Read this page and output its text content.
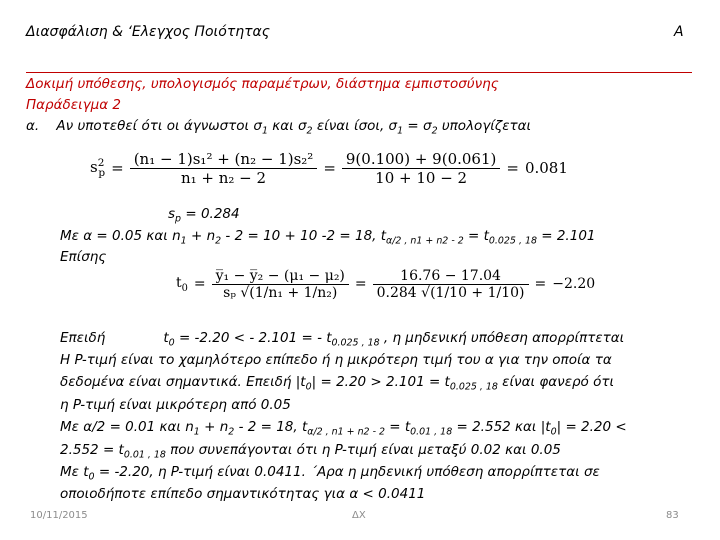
Διασφάλιση & ‘Ελεγχος Ποιότητας	A
Δοκιμή υπόθεσης, υπολογισμός παραμέτρων, διάστημα εμπιστοσύνης
Παράδειγμα 2
α. Αν υποτεθεί ότι οι άγνωστοι $\sigma_1$ και $\sigma_2$ είναι ίσοι, $\sigma_1 = \sigma_2$ υπολογίζεται
$s^2_p = \frac{\text{(n₁ − 1)s₁² + (n₂ − 1)s₂²}}{\text{n₁ + n₂ − 2}} = \frac{9(0.100) + 9(0.061)}{10 + 10 - 2} = 0.081$
$s_p = 0.284$
Με α = 0.05 και $n_1 + n_2 - 2 = 10 + 10$ -2 = 18, $t_{\alpha/2 , n1 + n2 - 2} = t_{0.025 , 18} = 2.101$
Επίσης
$t_0 = \frac{\text{y̅₁ − y̅₂ − (μ₁ − μ₂)}}{\text{sₚ √(1/n₁ + 1/n₂)}} = \frac{16.76 - 17.04}{0.284 √(1/10 + 1/10)} = -2.20$
Επειδή	$t_0 = -2.20$ < - 2.101 = - $t_{0.025 , 18}$ , η μηδενική υπόθεση απορρίπτεται
Η P-τιμή είναι το χαμηλότερο επίπεδο ή η μικρότερη τιμή του α για την οποία τα
δεδομένα είναι σημαντικά. Επειδή $|t_0| = 2.20 > 2.101 = t_{0.025 , 18}$ είναι φανερό ότι
η P-τιμή είναι μικρότερη από 0.05
Με α/2 = 0.01 και $n_1 + n_2 - 2 = 18$, $t_{\alpha/2 , n1 + n2 - 2} = t_{0.01 , 18} = 2.552$ και $|t_0| = 2.20$ <
$2.552 = t_{0.01 , 18}$ που συνεπάγονται ότι η P-τιμή είναι μεταξύ 0.02 και 0.05
Με $t_0 = -2.20$, η P-τιμή είναι 0.0411. ΄Αρα η μηδενική υπόθεση απορρίπτεται σε
οποιοδήποτε επίπεδο σημαντικότητας για α < 0.0411
10/11/2015	ΔΧ	83
